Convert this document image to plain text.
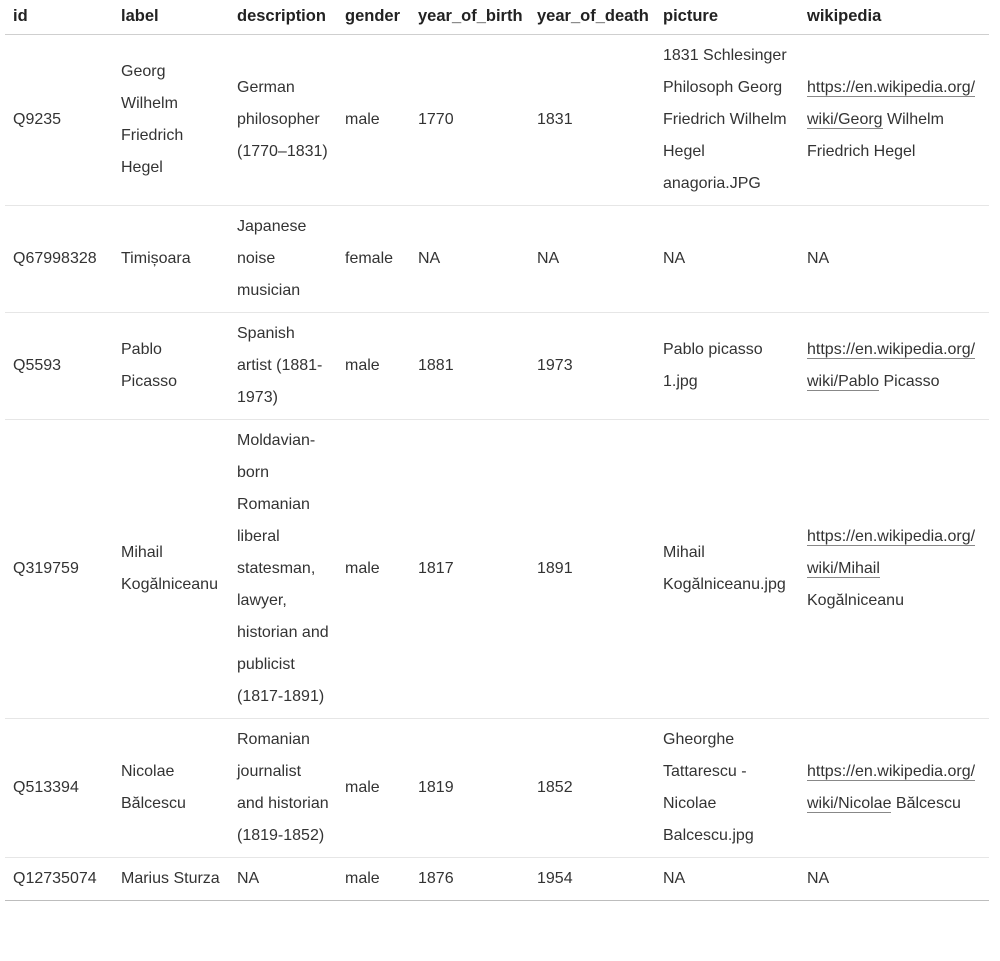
id	label	description	gender	year_of_birth	year_of_death	picture	wikipedia
Q9235	Georg Wilhelm Friedrich Hegel	German philosopher (1770–1831)	male	1770	1831	1831 Schlesinger Philosoph Georg Friedrich Wilhelm Hegel anagoria.JPG	https://en.wikipedia.org/wiki/Georg Wilhelm Friedrich Hegel
Q67998328	Timișoara	Japanese noise musician	female	NA	NA	NA	NA
Q5593	Pablo Picasso	Spanish artist (1881-1973)	male	1881	1973	Pablo picasso 1.jpg	https://en.wikipedia.org/wiki/Pablo Picasso
Q319759	Mihail Kogălniceanu	Moldavian-born Romanian liberal statesman, lawyer, historian and publicist (1817-1891)	male	1817	1891	Mihail Kogălniceanu.jpg	https://en.wikipedia.org/wiki/Mihail Kogălniceanu
Q513394	Nicolae Bălcescu	Romanian journalist and historian (1819-1852)	male	1819	1852	Gheorghe Tattarescu - Nicolae Balcescu.jpg	https://en.wikipedia.org/wiki/Nicolae Bălcescu
Q12735074	Marius Sturza	NA	male	1876	1954	NA	NA
